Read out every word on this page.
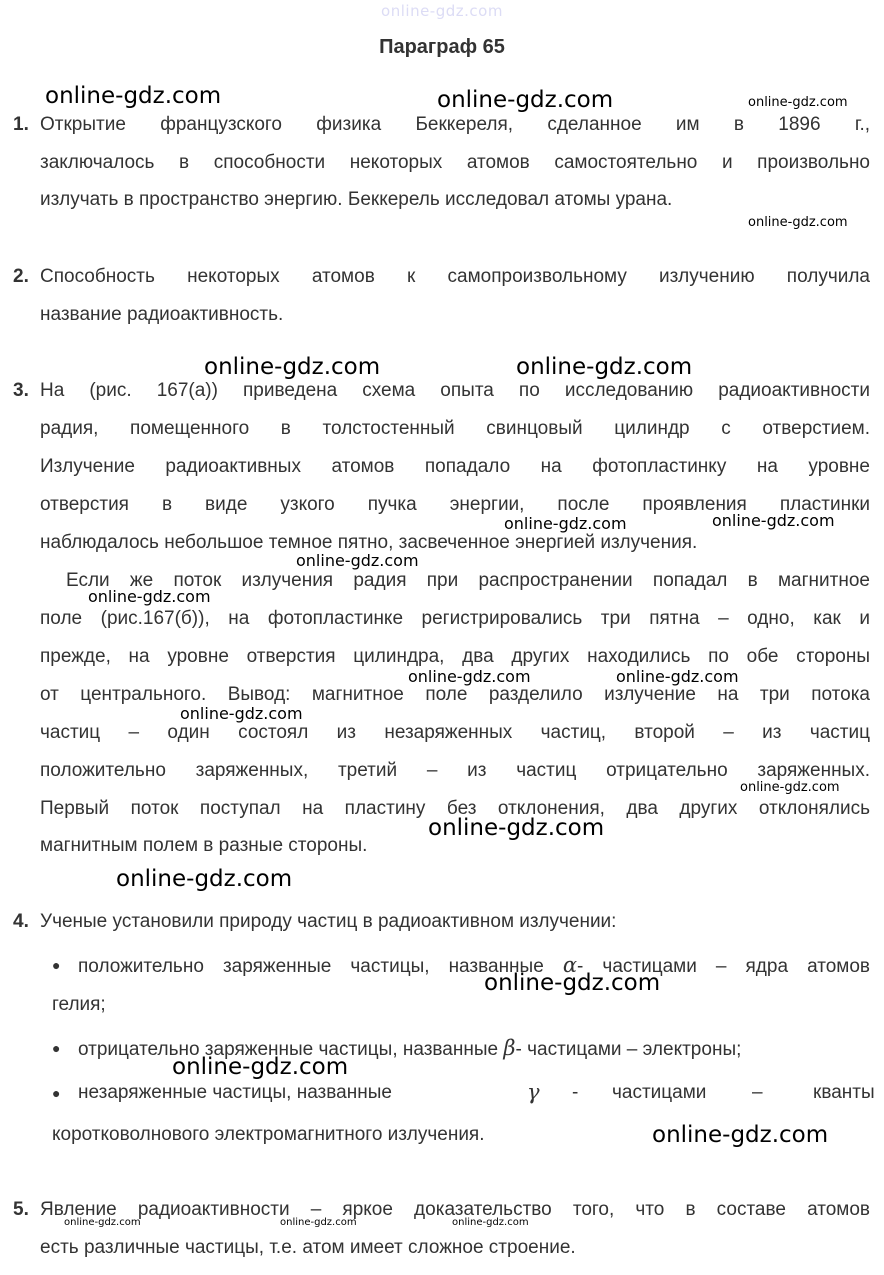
online-gdz.com
Параграф 65
1. Открытие французского физика Беккереля, сделанное им в 1896 г.,
заключалось в способности некоторых атомов самостоятельно и произвольно
излучать в пространство энергию. Беккерель исследовал атомы урана.
2. Способность некоторых атомов к самопроизвольному излучению получила
название радиоактивность.
3. На (рис. 167(а)) приведена схема опыта по исследованию радиоактивности
радия, помещенного в толстостенный свинцовый цилиндр с отверстием.
Излучение радиоактивных атомов попадало на фотопластинку на уровне
отверстия в виде узкого пучка энергии, после проявления пластинки
наблюдалось небольшое темное пятно, засвеченное энергией излучения.
Если же поток излучения радия при распространении попадал в магнитное
поле (рис.167(б)), на фотопластинке регистрировались три пятна – одно, как и
прежде, на уровне отверстия цилиндра, два других находились по обе стороны
от центрального. Вывод: магнитное поле разделило излучение на три потока
частиц – один состоял из незаряженных частиц, второй – из частиц
положительно заряженных, третий – из частиц отрицательно заряженных.
Первый поток поступал на пластину без отклонения, два других отклонялись
магнитным полем в разные стороны.
4. Ученые установили природу частиц в радиоактивном излучении:
● положительно заряженные частицы, названные α- частицами – ядра атомов
гелия;
● отрицательно заряженные частицы, названные β- частицами – электроны;
● незаряженные частицы, названные	γ - частицами –	кванты
коротковолнового электромагнитного излучения.
5. Явление радиоактивности – яркое доказательство того, что в составе атомов
есть различные частицы, т.е. атом имеет сложное строение.
online-gdz.com	online-gdz.com	online-gdz.com
online-gdz.com
online-gdz.com	online-gdz.com
online-gdz.com	online-gdz.com
online-gdz.com
online-gdz.com
online-gdz.com	online-gdz.com
online-gdz.com
online-gdz.com
online-gdz.com
online-gdz.com
online-gdz.com
online-gdz.com
online-gdz.com
online-gdz.com	online-gdz.com	online-gdz.com
